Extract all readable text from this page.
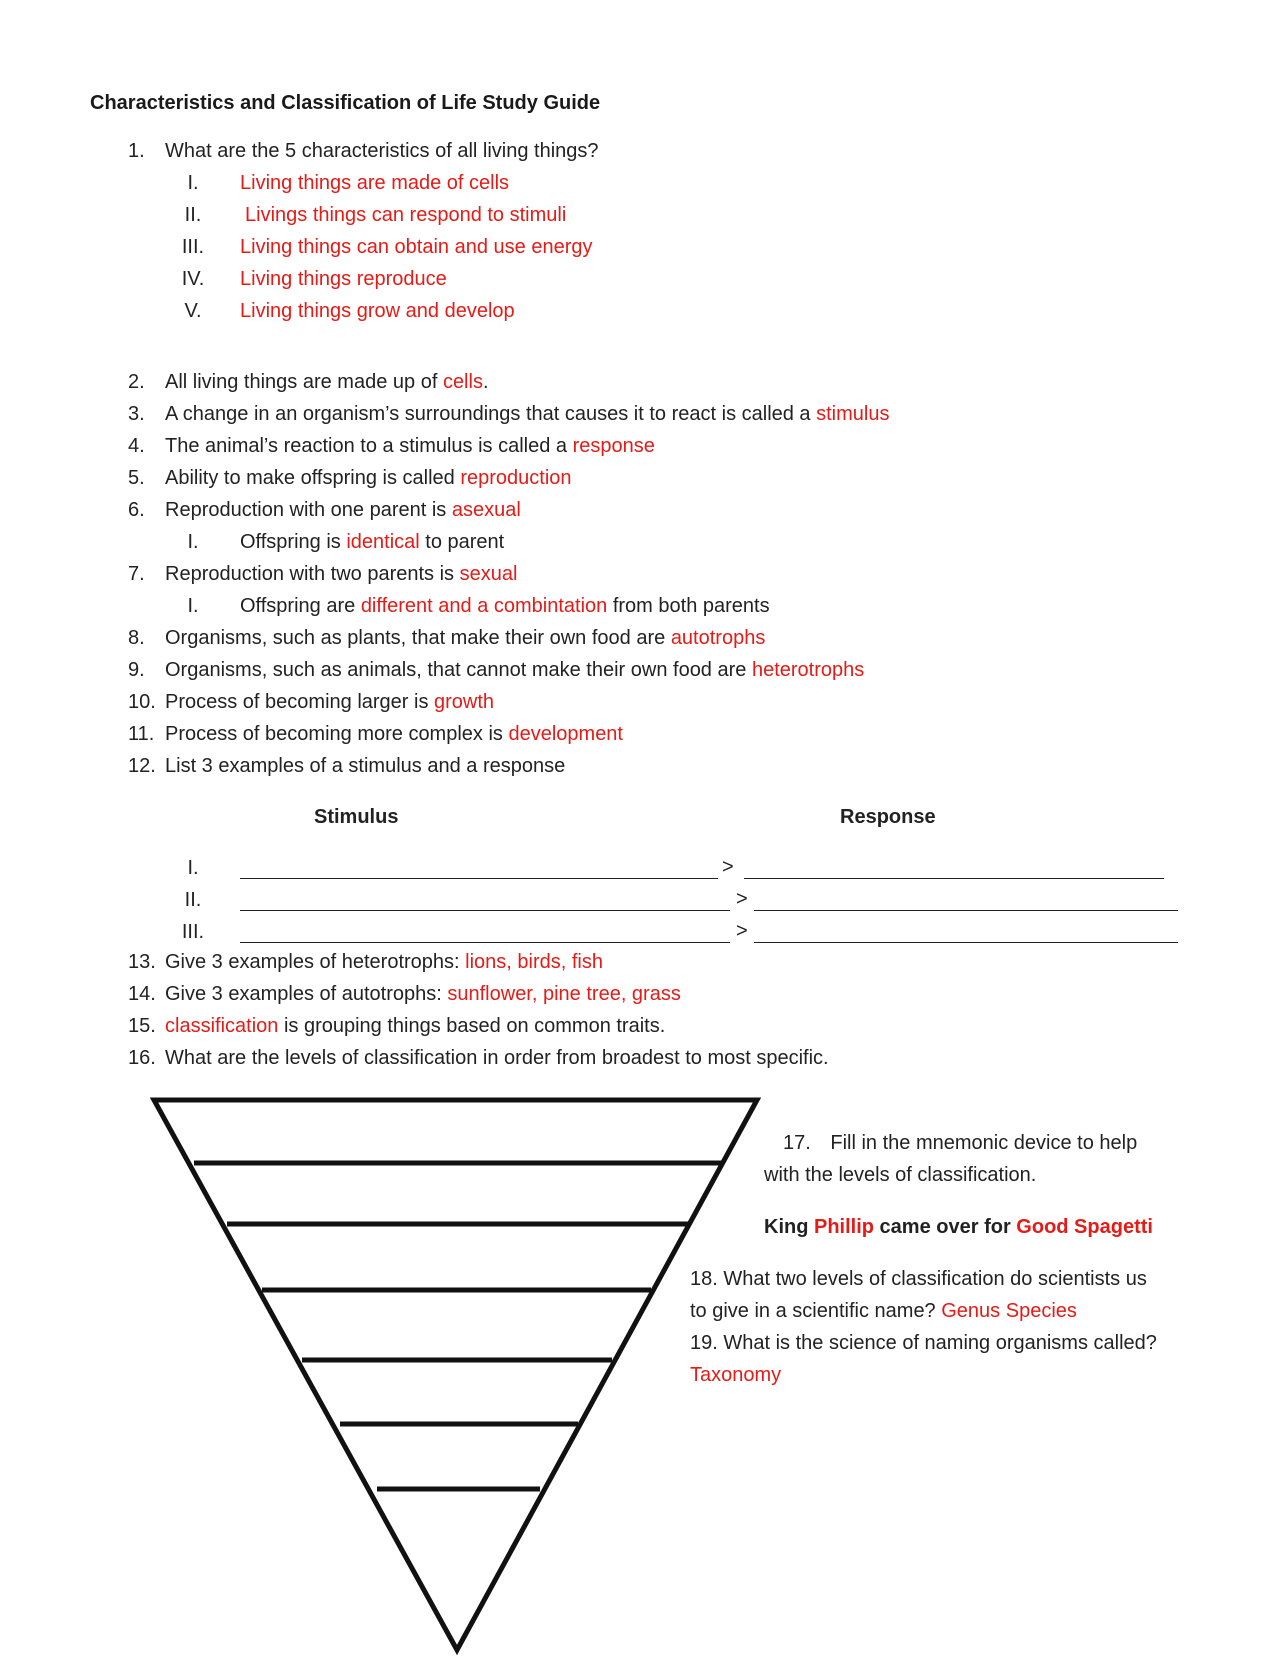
Characteristics and Classification of Life Study Guide
1.	What are the 5 characteristics of all living things?
I.	Living things are made of cells
II.	Livings things can respond to stimuli
III.	Living things can obtain and use energy
IV.	Living things reproduce
V.	Living things grow and develop
2.	All living things are made up of cells.
3.	A change in an organism’s surroundings that causes it to react is called a stimulus
4.	The animal’s reaction to a stimulus is called a response
5.	Ability to make offspring is called reproduction
6.	Reproduction with one parent is asexual
I.	Offspring is identical to parent
7.	Reproduction with two parents is sexual
I.	Offspring are different and a combintation from both parents
8.	Organisms, such as plants, that make their own food are autotrophs
9.	Organisms, such as animals, that cannot make their own food are heterotrophs
10. Process of becoming larger is growth
11. Process of becoming more complex is development
12. List 3 examples of a stimulus and a response
Stimulus	Response
I.	>
II.	>
III.	>
13. Give 3 examples of heterotrophs: lions, birds, fish
14. Give 3 examples of autotrophs: sunflower, pine tree, grass
15. classification is grouping things based on common traits.
16. What are the levels of classification in order from broadest to most specific.
17. Fill in the mnemonic device to help
with the levels of classification.
King Phillip came over for Good Spagetti
18. What two levels of classification do scientists us
to give in a scientific name? Genus Species
19. What is the science of naming organisms called?
Taxonomy
